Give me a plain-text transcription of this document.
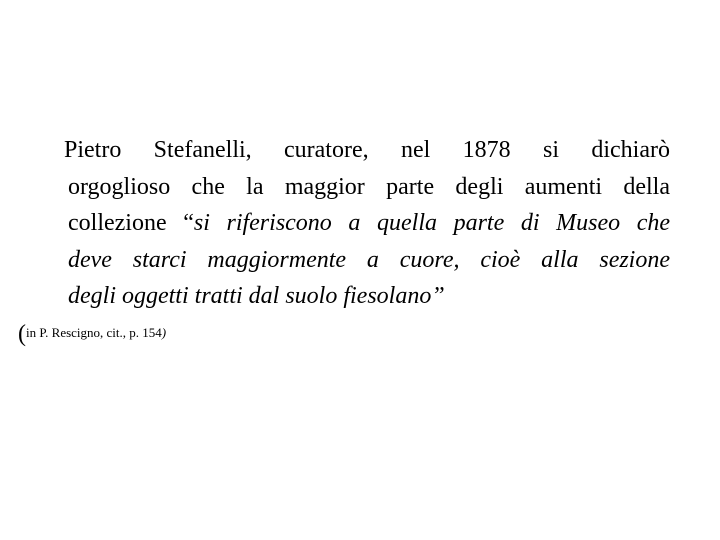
Pietro Stefanelli, curatore, nel 1878 si dichiarò
orgoglioso che la maggior parte degli aumenti della
collezione “si riferiscono a quella parte di Museo che
deve starci maggiormente a cuore, cioè alla sezione
degli oggetti tratti dal suolo fiesolano”
(in P. Rescigno, cit., p. 154)
